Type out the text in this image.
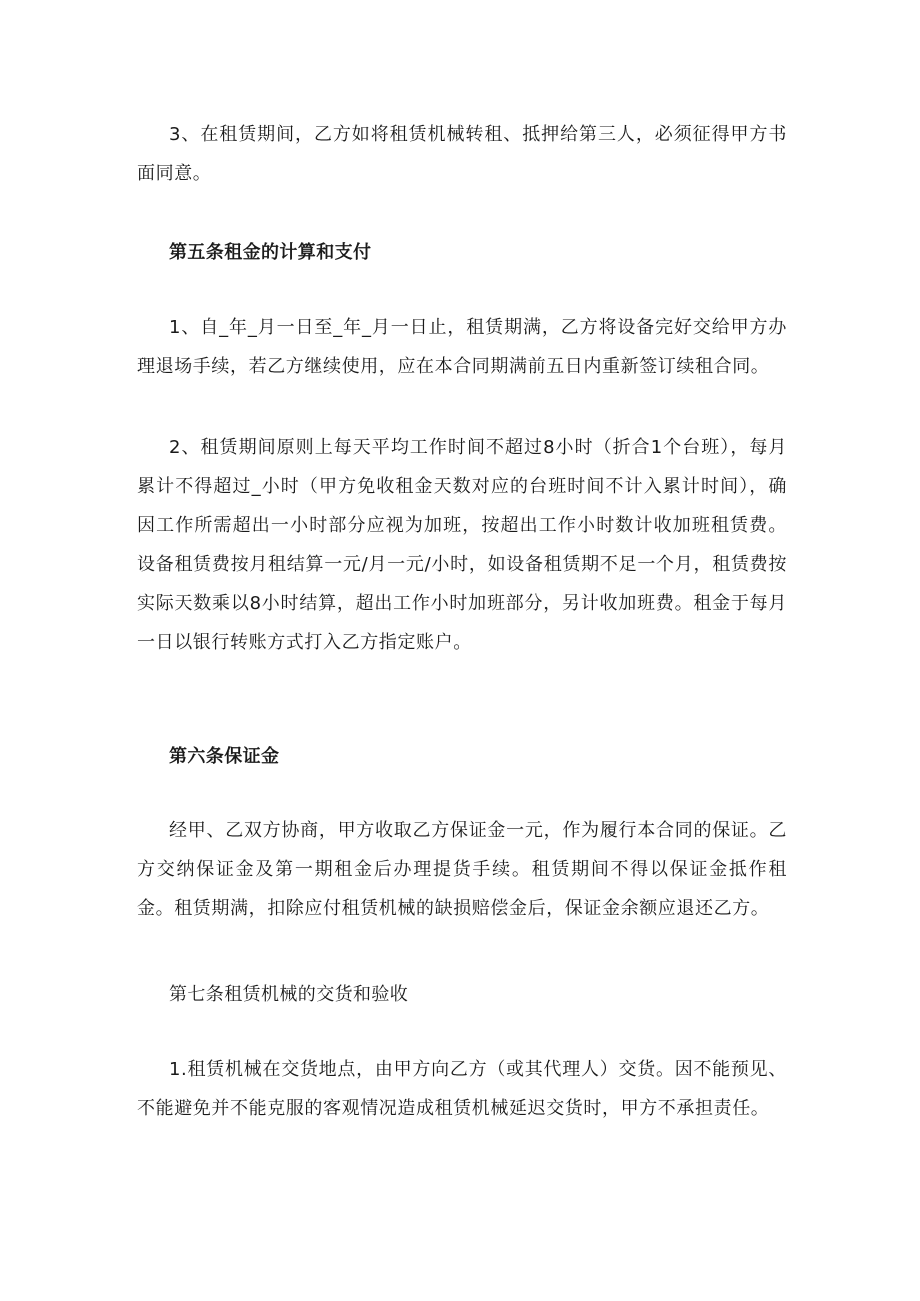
3、在租赁期间，乙方如将租赁机械转租、抵押给第三人，必须征得甲方书面同意。

第五条租金的计算和支付

1、自_年_月一日至_年_月一日止，租赁期满，乙方将设备完好交给甲方办理退场手续，若乙方继续使用，应在本合同期满前五日内重新签订续租合同。

2、租赁期间原则上每天平均工作时间不超过8小时（折合1个台班），每月累计不得超过_小时（甲方免收租金天数对应的台班时间不计入累计时间），确因工作所需超出一小时部分应视为加班，按超出工作小时数计收加班租赁费。设备租赁费按月租结算一元/月一元/小时，如设备租赁期不足一个月，租赁费按实际天数乘以8小时结算，超出工作小时加班部分，另计收加班费。租金于每月一日以银行转账方式打入乙方指定账户。

第六条保证金

经甲、乙双方协商，甲方收取乙方保证金一元，作为履行本合同的保证。乙方交纳保证金及第一期租金后办理提货手续。租赁期间不得以保证金抵作租金。租赁期满，扣除应付租赁机械的缺损赔偿金后，保证金余额应退还乙方。

第七条租赁机械的交货和验收

1.租赁机械在交货地点，由甲方向乙方（或其代理人）交货。因不能预见、不能避免并不能克服的客观情况造成租赁机械延迟交货时，甲方不承担责任。
